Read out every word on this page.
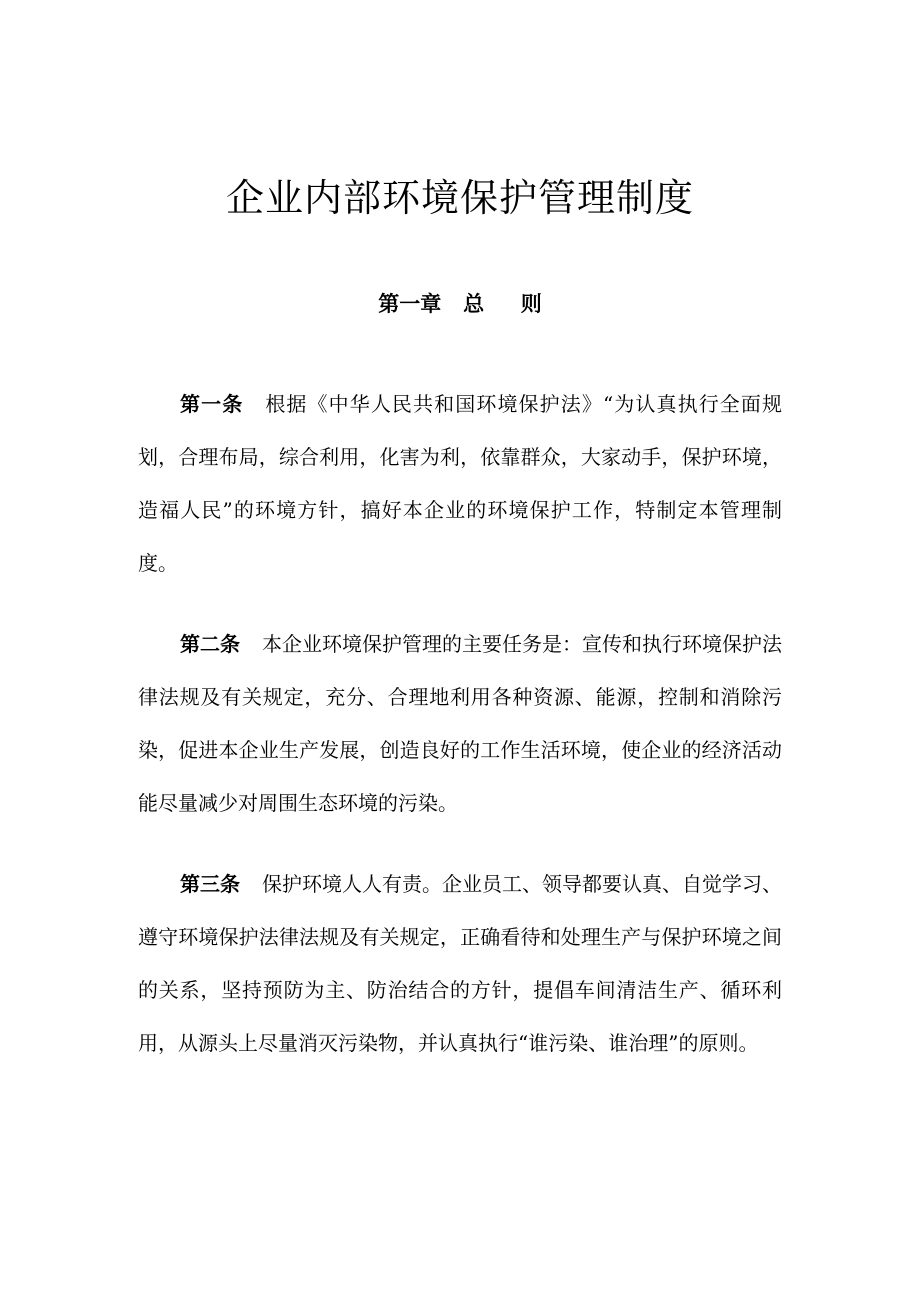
企业内部环境保护管理制度
第一章   总     则

第一条 根据《中华人民共和国环境保护法》“为认真执行全面规划，合理布局，综合利用，化害为利，依靠群众，大家动手，保护环境，造福人民”的环境方针，搞好本企业的环境保护工作，特制定本管理制度。

第二条 本企业环境保护管理的主要任务是：宣传和执行环境保护法律法规及有关规定，充分、合理地利用各种资源、能源，控制和消除污染，促进本企业生产发展，创造良好的工作生活环境，使企业的经济活动能尽量减少对周围生态环境的污染。

第三条 保护环境人人有责。企业员工、领导都要认真、自觉学习、遵守环境保护法律法规及有关规定，正确看待和处理生产与保护环境之间的关系，坚持预防为主、防治结合的方针，提倡车间清洁生产、循环利用，从源头上尽量消灭污染物，并认真执行“谁污染、谁治理”的原则。
